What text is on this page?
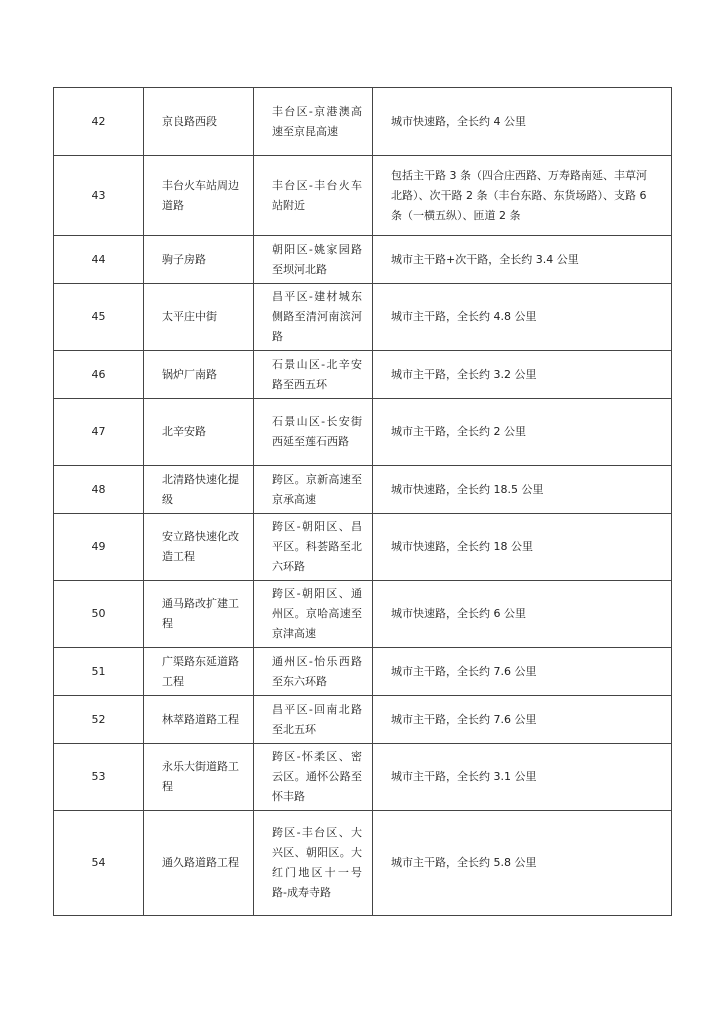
42	京良路西段	丰台区-京港澳高速至京昆高速	城市快速路，全长约 4 公里
43	丰台火车站周边道路	丰台区-丰台火车站附近	包括主干路 3 条（四合庄西路、万寿路南延、丰草河北路）、次干路 2 条（丰台东路、东货场路）、支路 6 条（一横五纵）、匝道 2 条
44	驹子房路	朝阳区-姚家园路至坝河北路	城市主干路+次干路，全长约 3.4 公里
45	太平庄中街	昌平区-建材城东侧路至清河南滨河路	城市主干路，全长约 4.8 公里
46	锅炉厂南路	石景山区-北辛安路至西五环	城市主干路，全长约 3.2 公里
47	北辛安路	石景山区-长安街西延至莲石西路	城市主干路，全长约 2 公里
48	北清路快速化提级	跨区。京新高速至京承高速	城市快速路，全长约 18.5 公里
49	安立路快速化改造工程	跨区-朝阳区、昌平区。科荟路至北六环路	城市快速路，全长约 18 公里
50	通马路改扩建工程	跨区-朝阳区、通州区。京哈高速至京津高速	城市快速路，全长约 6 公里
51	广渠路东延道路工程	通州区-怡乐西路至东六环路	城市主干路，全长约 7.6 公里
52	林萃路道路工程	昌平区-回南北路至北五环	城市主干路，全长约 7.6 公里
53	永乐大街道路工程	跨区-怀柔区、密云区。通怀公路至怀丰路	城市主干路，全长约 3.1 公里
54	通久路道路工程	跨区-丰台区、大兴区、朝阳区。大红门地区十一号路-成寿寺路	城市主干路，全长约 5.8 公里
